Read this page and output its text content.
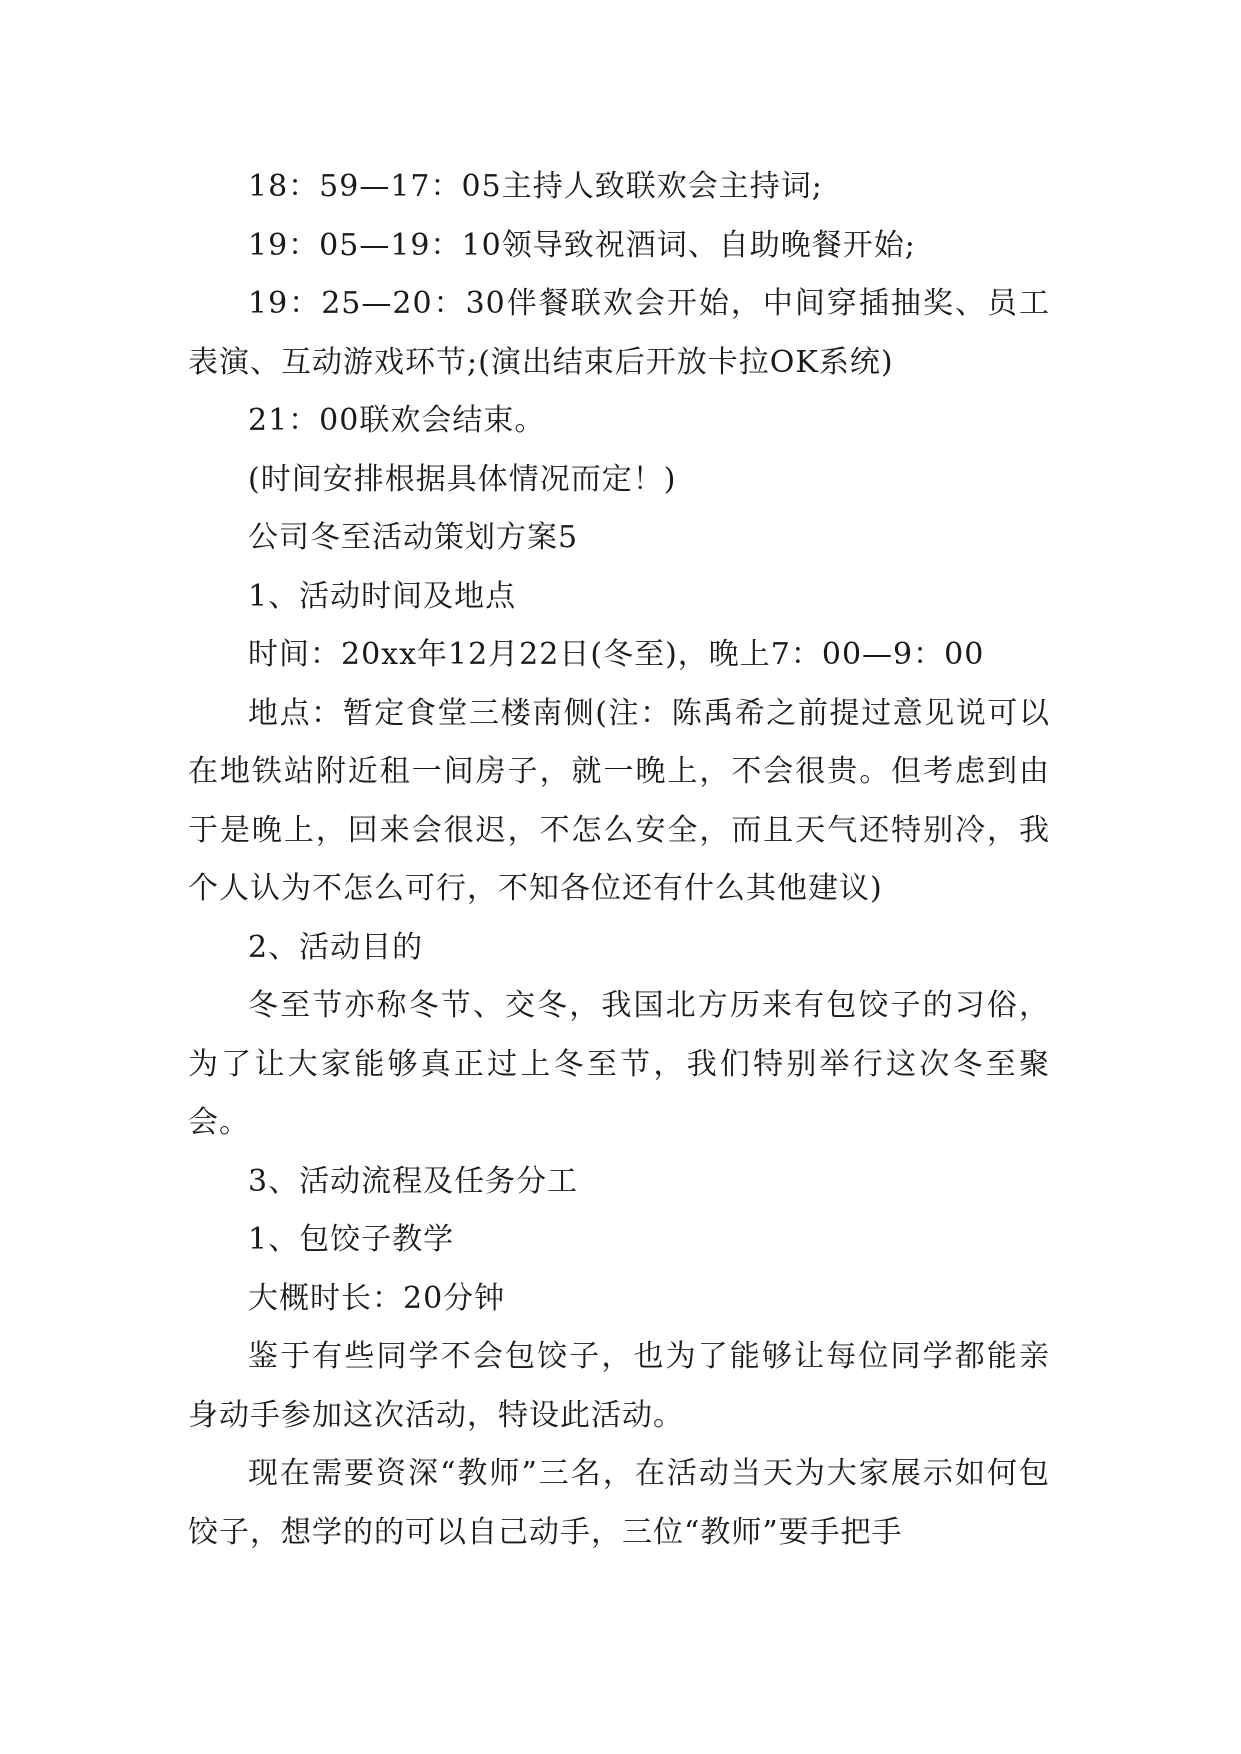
18：59—17：05主持人致联欢会主持词;

19：05—19：10领导致祝酒词、自助晚餐开始;

19：25—20：30伴餐联欢会开始，中间穿插抽奖、员工表演、互动游戏环节;(演出结束后开放卡拉OK系统)

21：00联欢会结束。

(时间安排根据具体情况而定！)

公司冬至活动策划方案5

1、活动时间及地点

时间：20xx年12月22日(冬至)，晚上7：00—9：00

地点：暂定食堂三楼南侧(注：陈禹希之前提过意见说可以在地铁站附近租一间房子，就一晚上，不会很贵。但考虑到由于是晚上，回来会很迟，不怎么安全，而且天气还特别冷，我个人认为不怎么可行，不知各位还有什么其他建议)

2、活动目的

冬至节亦称冬节、交冬，我国北方历来有包饺子的习俗，为了让大家能够真正过上冬至节，我们特别举行这次冬至聚会。

3、活动流程及任务分工

1、包饺子教学

大概时长：20分钟

鉴于有些同学不会包饺子，也为了能够让每位同学都能亲身动手参加这次活动，特设此活动。

现在需要资深“教师”三名，在活动当天为大家展示如何包饺子，想学的的可以自己动手，三位“教师”要手把手
